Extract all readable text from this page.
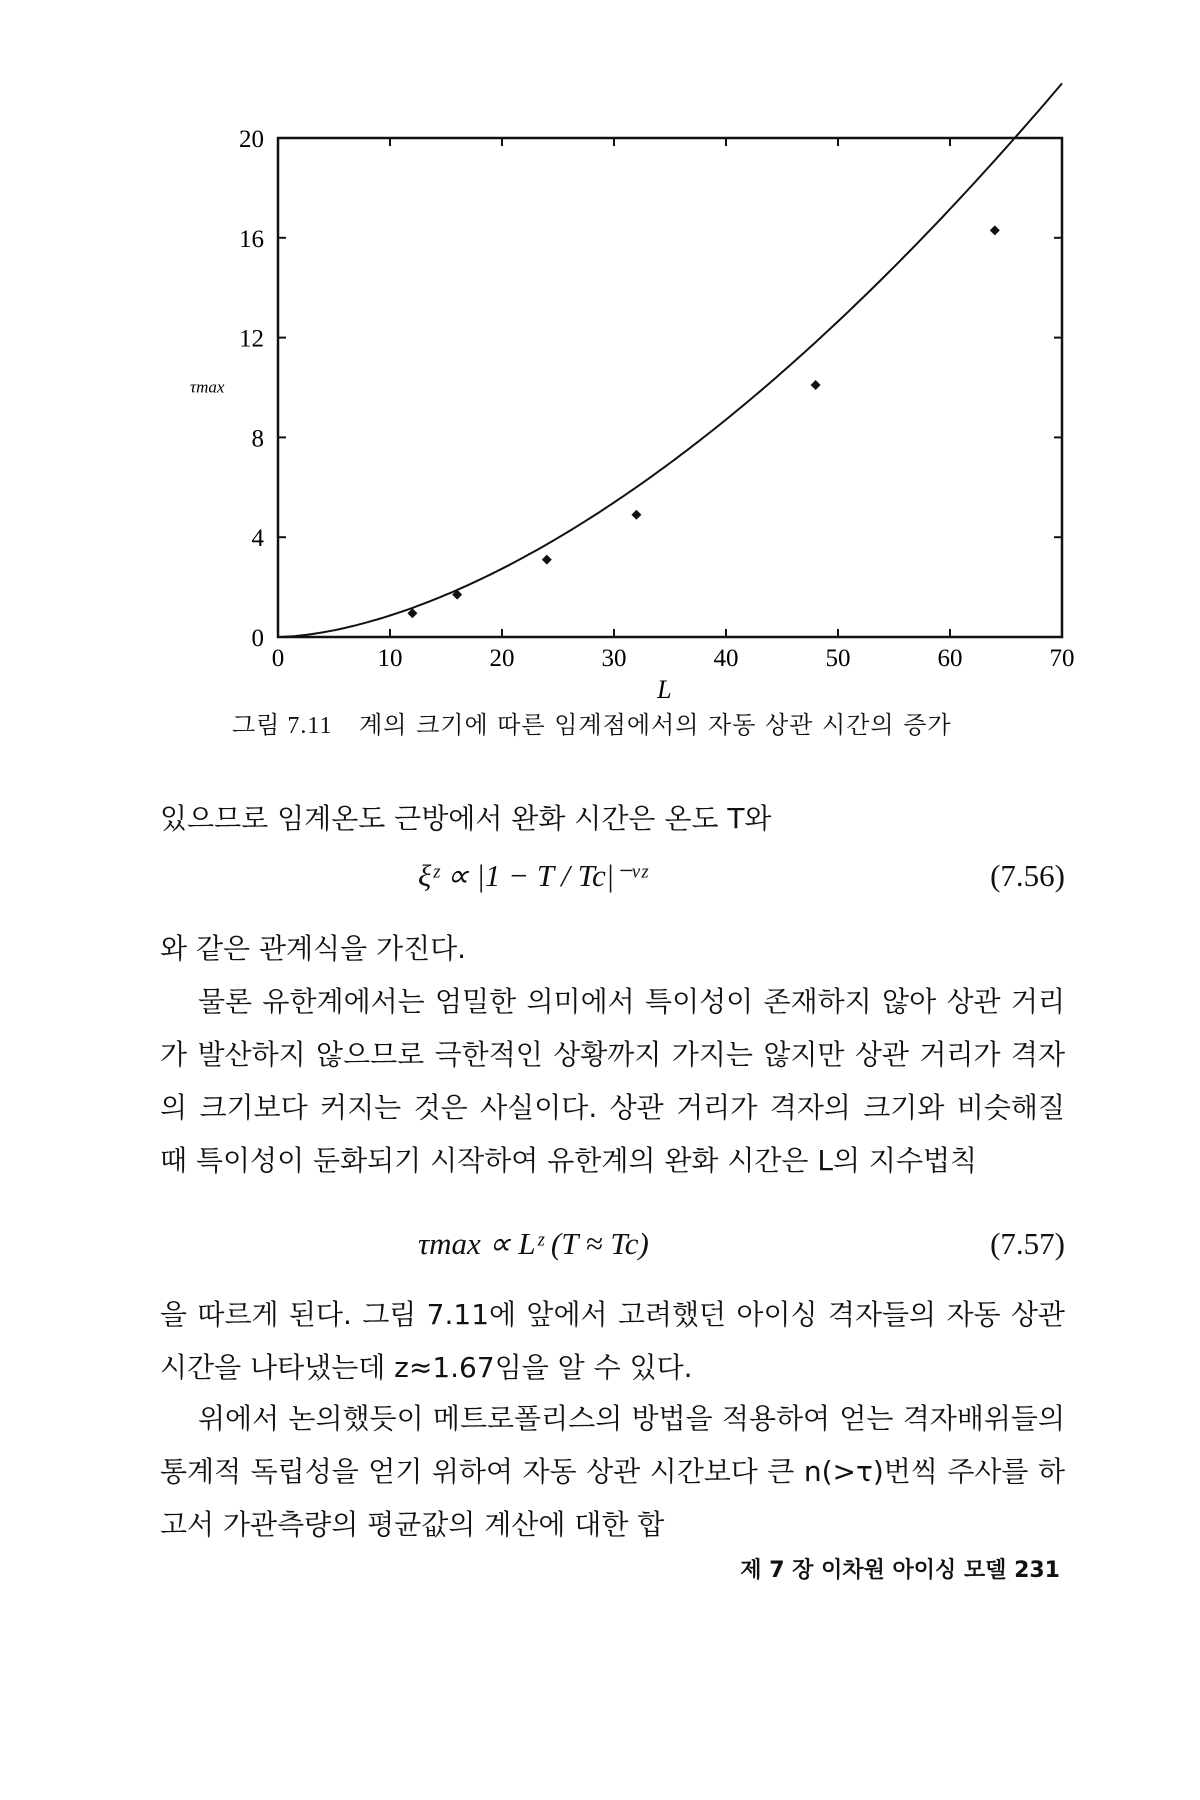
0	10	20	30	40	50	60	70
0
4
8
12
16
20
τmax
L
그림 7.11 계의 크기에 따른 임계점에서의 자동 상관 시간의 증가

있으므로 임계온도 근방에서 완화 시간은 온도 T와

ξᶻ ∝ |1 − T / Tc|⁻ᵛᶻ	(7.56)

와 같은 관계식을 가진다.

물론 유한계에서는 엄밀한 의미에서 특이성이 존재하지 않아 상관 거리가 발산하지 않으므로 극한적인 상황까지 가지는 않지만 상관 거리가 격자의 크기보다 커지는 것은 사실이다. 상관 거리가 격자의 크기와 비슷해질 때 특이성이 둔화되기 시작하여 유한계의 완화 시간은 L의 지수법칙

τmax ∝ Lᶻ (T ≈ Tc)	(7.57)

을 따르게 된다. 그림 7.11에 앞에서 고려했던 아이싱 격자들의 자동 상관 시간을 나타냈는데 z≈1.67임을 알 수 있다.

위에서 논의했듯이 메트로폴리스의 방법을 적용하여 얻는 격자배위들의 통계적 독립성을 얻기 위하여 자동 상관 시간보다 큰 n(>τ)번씩 주사를 하고서 가관측량의 평균값의 계산에 대한 합

제 7 장 이차원 아이싱 모델 231
